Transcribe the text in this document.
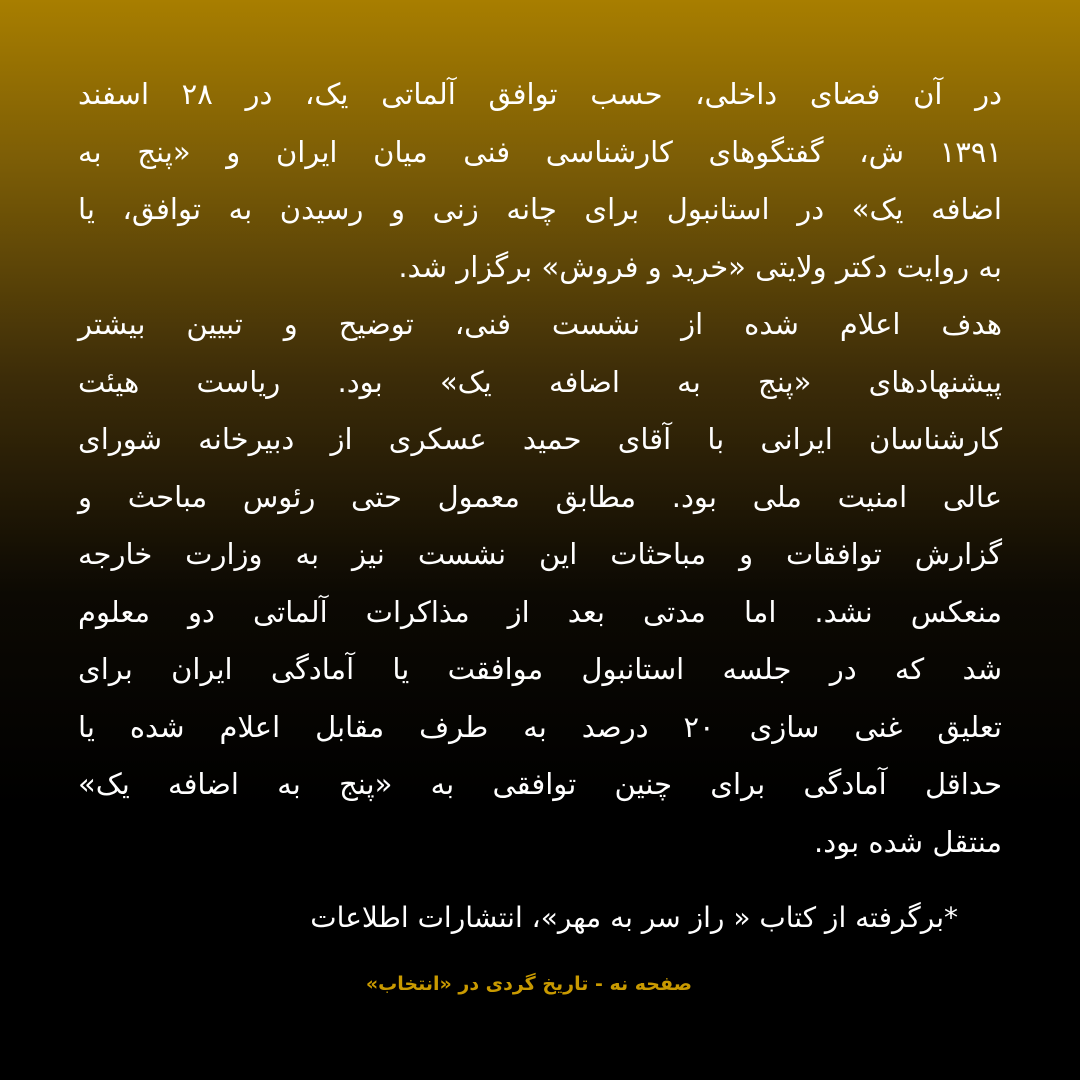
در آن فضای داخلی، حسب توافق آلماتی یک، در ۲۸ اسفند
۱۳۹۱ ش، گفتگوهای کارشناسی فنی میان ایران و «پنج به
اضافه یک» در استانبول برای چانه زنی و رسیدن به توافق، یا
به روایت دکتر ولایتی «خرید و فروش» برگزار شد.
هدف اعلام شده از نشست فنی، توضیح و تبیین بیشتر
پیشنهادهای «پنج به اضافه یک» بود. ریاست هیئت
کارشناسان ایرانی با آقای حمید عسکری از دبیرخانه شورای
عالی امنیت ملی بود. مطابق معمول حتی رئوس مباحث و
گزارش توافقات و مباحثات این نشست نیز به وزارت خارجه
منعکس نشد. اما مدتی بعد از مذاکرات آلماتی دو معلوم
شد که در جلسه استانبول موافقت یا آمادگی ایران برای
تعلیق غنی سازی ۲۰ درصد به طرف مقابل اعلام شده یا
حداقل آمادگی برای چنین توافقی به «پنج به اضافه یک»
منتقل شده بود.
*برگرفته از کتاب « راز سر به مهر»، انتشارات اطلاعات
صفحه نه - تاریخ گردی در «انتخاب»
